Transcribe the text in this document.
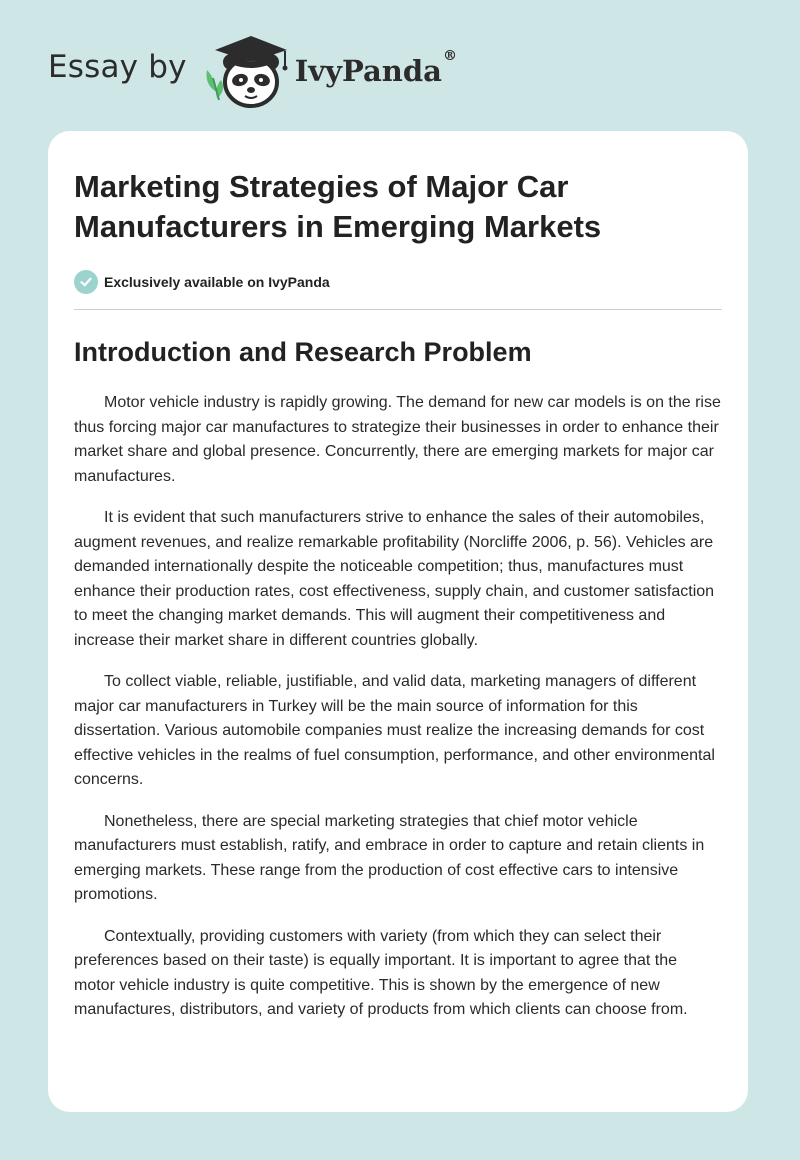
Essay by	IvyPanda®
Marketing Strategies of Major Car Manufacturers in Emerging Markets
Exclusively available on IvyPanda
Introduction and Research Problem

Motor vehicle industry is rapidly growing. The demand for new car models is on the rise thus forcing major car manufactures to strategize their businesses in order to enhance their market share and global presence. Concurrently, there are emerging markets for major car manufactures.

It is evident that such manufacturers strive to enhance the sales of their automobiles, augment revenues, and realize remarkable profitability (Norcliffe 2006, p. 56). Vehicles are demanded internationally despite the noticeable competition; thus, manufactures must enhance their production rates, cost effectiveness, supply chain, and customer satisfaction to meet the changing market demands. This will augment their competitiveness and increase their market share in different countries globally.

To collect viable, reliable, justifiable, and valid data, marketing managers of different major car manufacturers in Turkey will be the main source of information for this dissertation. Various automobile companies must realize the increasing demands for cost effective vehicles in the realms of fuel consumption, performance, and other environmental concerns.

Nonetheless, there are special marketing strategies that chief motor vehicle manufacturers must establish, ratify, and embrace in order to capture and retain clients in emerging markets. These range from the production of cost effective cars to intensive promotions.

Contextually, providing customers with variety (from which they can select their preferences based on their taste) is equally important. It is important to agree that the motor vehicle industry is quite competitive. This is shown by the emergence of new manufactures, distributors, and variety of products from which clients can choose from.
